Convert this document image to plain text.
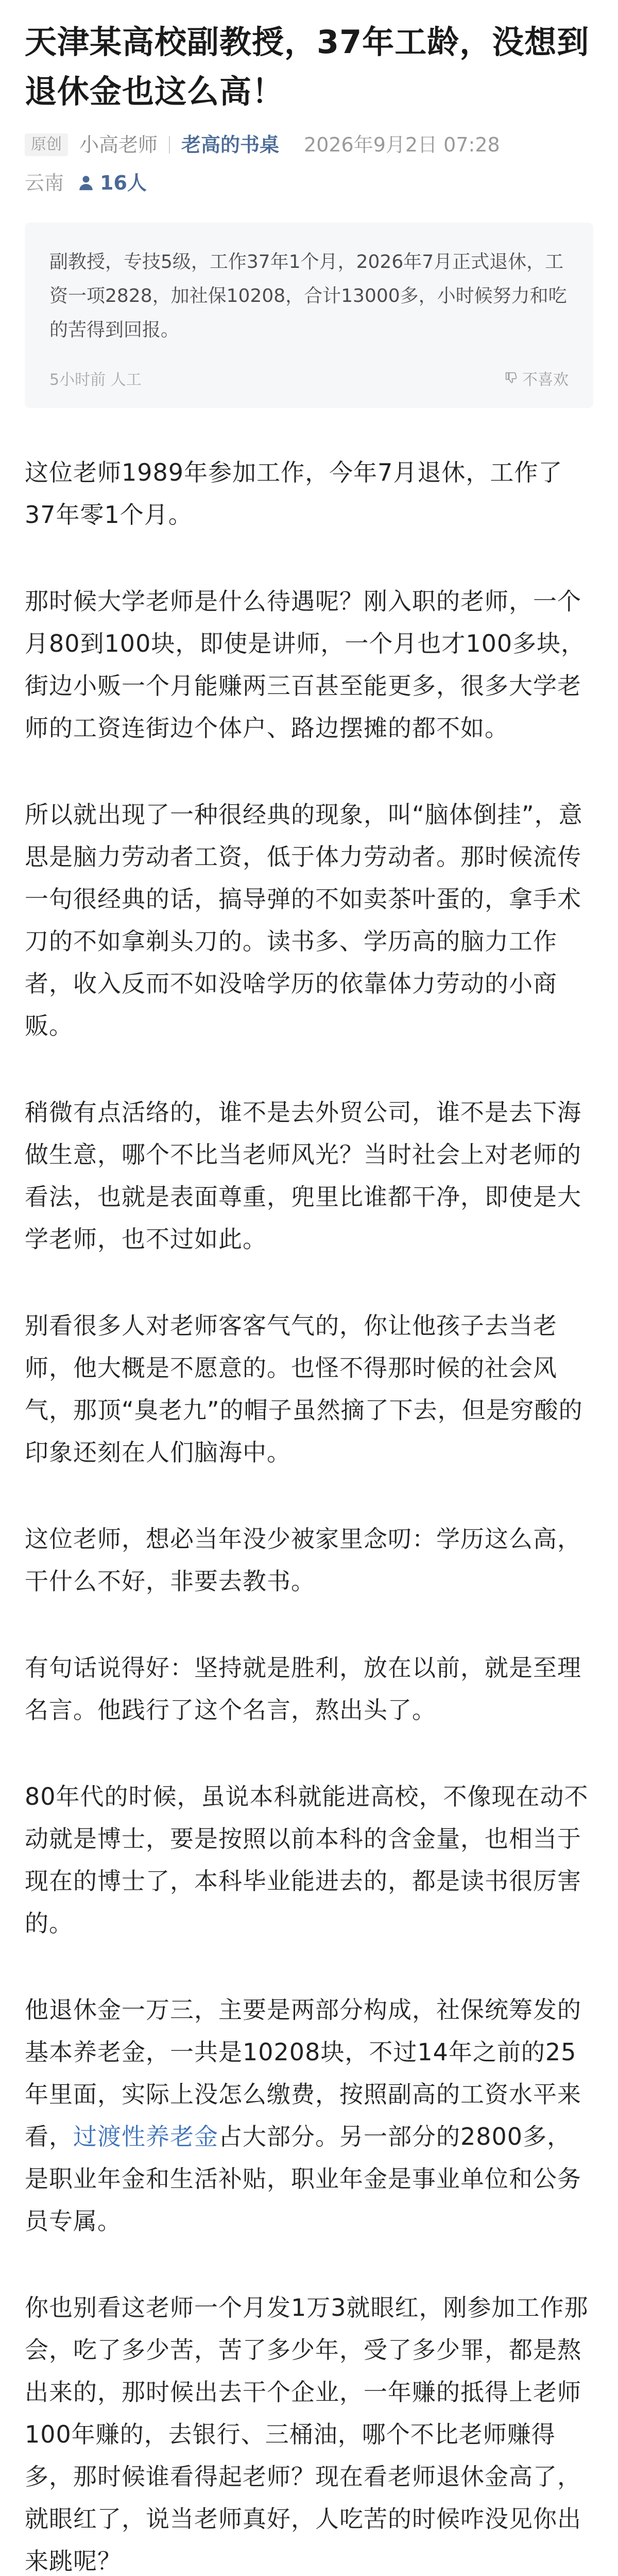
天津某高校副教授，37年工龄，没想到退休金也这么高！
原创 小高老师 老高的书桌 2026年9月2日 07:28
云南 16人

副教授，专技5级，工作37年1个月，2026年7月正式退休，工资一项2828，加社保10208，合计13000多，小时候努力和吃的苦得到回报。

5小时前 人工	不喜欢

这位老师1989年参加工作，今年7月退休，工作了37年零1个月。

那时候大学老师是什么待遇呢？刚入职的老师，一个月80到100块，即使是讲师，一个月也才100多块，街边小贩一个月能赚两三百甚至能更多，很多大学老师的工资连街边个体户、路边摆摊的都不如。

所以就出现了一种很经典的现象，叫“脑体倒挂”，意思是脑力劳动者工资，低于体力劳动者。那时候流传一句很经典的话，搞导弹的不如卖茶叶蛋的，拿手术刀的不如拿剃头刀的。读书多、学历高的脑力工作者，收入反而不如没啥学历的依靠体力劳动的小商贩。

稍微有点活络的，谁不是去外贸公司，谁不是去下海做生意，哪个不比当老师风光？当时社会上对老师的看法，也就是表面尊重，兜里比谁都干净，即使是大学老师，也不过如此。

别看很多人对老师客客气气的，你让他孩子去当老师，他大概是不愿意的。也怪不得那时候的社会风气，那顶“臭老九”的帽子虽然摘了下去，但是穷酸的印象还刻在人们脑海中。

这位老师，想必当年没少被家里念叨：学历这么高，干什么不好，非要去教书。

有句话说得好：坚持就是胜利，放在以前，就是至理名言。他践行了这个名言，熬出头了。

80年代的时候，虽说本科就能进高校，不像现在动不动就是博士，要是按照以前本科的含金量，也相当于现在的博士了，本科毕业能进去的，都是读书很厉害的。

他退休金一万三，主要是两部分构成，社保统筹发的基本养老金，一共是10208块，不过14年之前的25年里面，实际上没怎么缴费，按照副高的工资水平来看，过渡性养老金占大部分。另一部分的2800多，是职业年金和生活补贴，职业年金是事业单位和公务员专属。

你也别看这老师一个月发1万3就眼红，刚参加工作那会，吃了多少苦，苦了多少年，受了多少罪，都是熬出来的，那时候出去干个企业，一年赚的抵得上老师100年赚的，去银行、三桶油，哪个不比老师赚得多，那时候谁看得起老师？现在看老师退休金高了，就眼红了，说当老师真好，人吃苦的时候咋没见你出来跳呢？
